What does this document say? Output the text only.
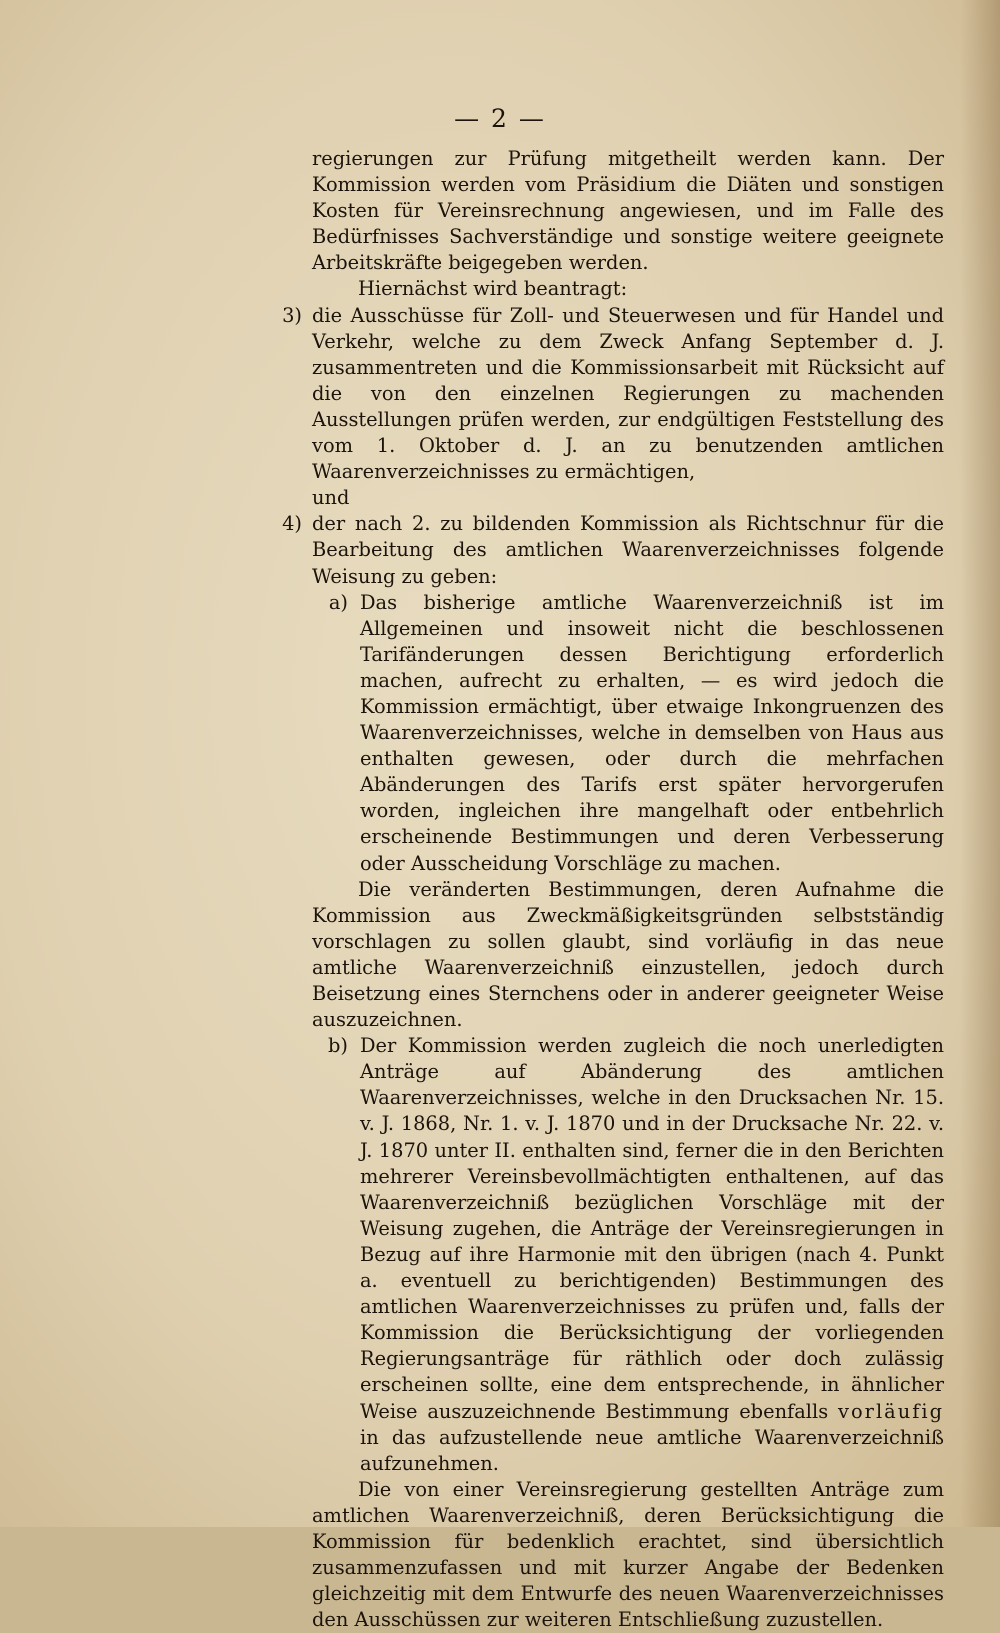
— 2 —

regierungen zur Prüfung mitgetheilt werden kann. Der Kommission werden vom Präsidium die Diäten und sonstigen Kosten für Vereinsrechnung angewiesen, und im Falle des Bedürfnisses Sachverständige und sonstige weitere geeignete Arbeitskräfte beigegeben werden.

Hiernächst wird beantragt:

3) die Ausschüsse für Zoll- und Steuerwesen und für Handel und Verkehr, welche zu dem Zweck Anfang September d. J. zusammentreten und die Kommissionsarbeit mit Rücksicht auf die von den einzelnen Regierungen zu machenden Ausstellungen prüfen werden, zur endgültigen Feststellung des vom 1. Oktober d. J. an zu benutzenden amtlichen Waarenverzeichnisses zu ermächtigen,

und

4) der nach 2. zu bildenden Kommission als Richtschnur für die Bearbeitung des amtlichen Waarenverzeichnisses folgende Weisung zu geben:

a) Das bisherige amtliche Waarenverzeichniß ist im Allgemeinen und insoweit nicht die beschlossenen Tarifänderungen dessen Berichtigung erforderlich machen, aufrecht zu erhalten, — es wird jedoch die Kommission ermächtigt, über etwaige Inkongruenzen des Waarenverzeichnisses, welche in demselben von Haus aus enthalten gewesen, oder durch die mehrfachen Abänderungen des Tarifs erst später hervorgerufen worden, ingleichen ihre mangelhaft oder entbehrlich erscheinende Bestimmungen und deren Verbesserung oder Ausscheidung Vorschläge zu machen.

Die veränderten Bestimmungen, deren Aufnahme die Kommission aus Zweckmäßigkeitsgründen selbstständig vorschlagen zu sollen glaubt, sind vorläufig in das neue amtliche Waarenverzeichniß einzustellen, jedoch durch Beisetzung eines Sternchens oder in anderer geeigneter Weise auszuzeichnen.

b) Der Kommission werden zugleich die noch unerledigten Anträge auf Abänderung des amtlichen Waarenverzeichnisses, welche in den Drucksachen Nr. 15. v. J. 1868, Nr. 1. v. J. 1870 und in der Drucksache Nr. 22. v. J. 1870 unter II. enthalten sind, ferner die in den Berichten mehrerer Vereinsbevollmächtigten enthaltenen, auf das Waarenverzeichniß bezüglichen Vorschläge mit der Weisung zugehen, die Anträge der Vereinsregierungen in Bezug auf ihre Harmonie mit den übrigen (nach 4. Punkt a. eventuell zu berichtigenden) Bestimmungen des amtlichen Waarenverzeichnisses zu prüfen und, falls der Kommission die Berücksichtigung der vorliegenden Regierungsanträge für räthlich oder doch zulässig erscheinen sollte, eine dem entsprechende, in ähnlicher Weise auszuzeichnende Bestimmung ebenfalls vorläufig in das aufzustellende neue amtliche Waarenverzeichniß aufzunehmen.

Die von einer Vereinsregierung gestellten Anträge zum amtlichen Waarenverzeichniß, deren Berücksichtigung die Kommission für bedenklich erachtet, sind übersichtlich zusammenzufassen und mit kurzer Angabe der Bedenken gleichzeitig mit dem Entwurfe des neuen Waarenverzeichnisses den Ausschüssen zur weiteren Entschließung zuzustellen.
